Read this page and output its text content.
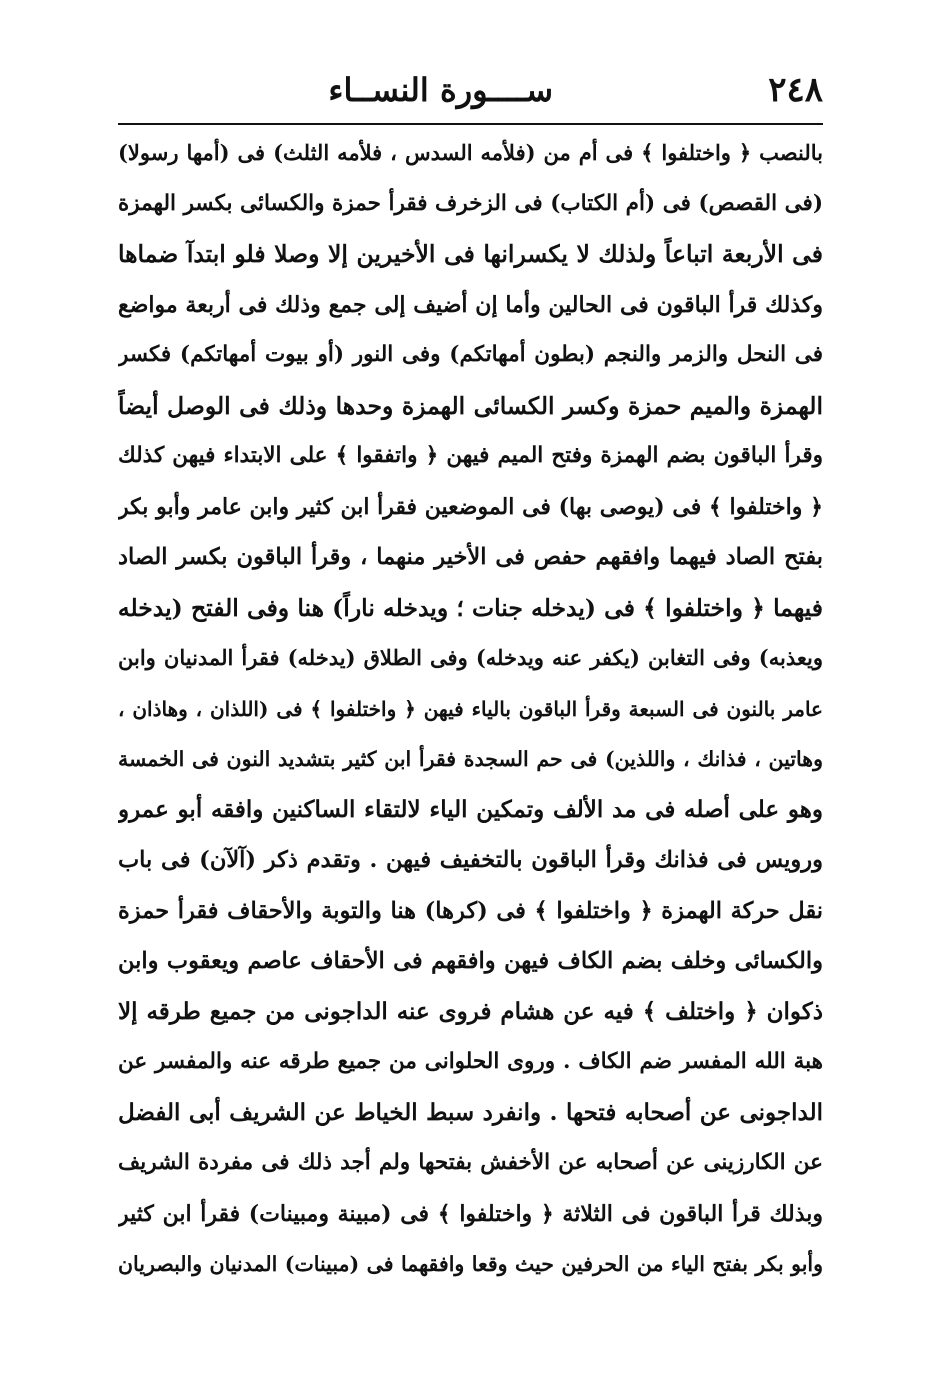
٢٤٨
ســــورة النســاء
بالنصب ﴿ واختلفوا ﴾ فى أم من (فلأمه السدس ، فلأمه الثلث) فى (أمها رسولا)
(فى القصص) فى (أم الكتاب) فى الزخرف فقرأ حمزة والكسائى بكسر الهمزة
فى الأربعة اتباعاً ولذلك لا يكسرانها فى الأخيرين إلا وصلا فلو ابتدآ ضماها
وكذلك قرأ الباقون فى الحالين وأما إن أضيف إلى جمع وذلك فى أربعة مواضع
فى النحل والزمر والنجم (بطون أمهاتكم) وفى النور (أو بيوت أمهاتكم) فكسر
الهمزة والميم حمزة وكسر الكسائى الهمزة وحدها وذلك فى الوصل أيضاً
وقرأ الباقون بضم الهمزة وفتح الميم فيهن ﴿ واتفقوا ﴾ على الابتداء فيهن كذلك
﴿ واختلفوا ﴾ فى (يوصى بها) فى الموضعين فقرأ ابن كثير وابن عامر وأبو بكر
بفتح الصاد فيهما وافقهم حفص فى الأخير منهما ، وقرأ الباقون بكسر الصاد
فيهما ﴿ واختلفوا ﴾ فى (يدخله جنات ؛ ويدخله ناراً) هنا وفى الفتح (يدخله
ويعذبه) وفى التغابن (يكفر عنه ويدخله) وفى الطلاق (يدخله) فقرأ المدنيان وابن
عامر بالنون فى السبعة وقرأ الباقون بالياء فيهن ﴿ واختلفوا ﴾ فى (اللذان ، وهاذان ،
وهاتين ، فذانك ، واللذين) فى حم السجدة فقرأ ابن كثير بتشديد النون فى الخمسة
وهو على أصله فى مد الألف وتمكين الياء لالتقاء الساكنين وافقه أبو عمرو
ورويس فى فذانك وقرأ الباقون بالتخفيف فيهن . وتقدم ذكر (آلآن) فى باب
نقل حركة الهمزة ﴿ واختلفوا ﴾ فى (كرها) هنا والتوبة والأحقاف فقرأ حمزة
والكسائى وخلف بضم الكاف فيهن وافقهم فى الأحقاف عاصم ويعقوب وابن
ذكوان ﴿ واختلف ﴾ فيه عن هشام فروى عنه الداجونى من جميع طرقه إلا
هبة الله المفسر ضم الكاف . وروى الحلوانى من جميع طرقه عنه والمفسر عن
الداجونى عن أصحابه فتحها . وانفرد سبط الخياط عن الشريف أبى الفضل
عن الكارزينى عن أصحابه عن الأخفش بفتحها ولم أجد ذلك فى مفردة الشريف
وبذلك قرأ الباقون فى الثلاثة ﴿ واختلفوا ﴾ فى (مبينة ومبينات) فقرأ ابن كثير
وأبو بكر بفتح الياء من الحرفين حيث وقعا وافقهما فى (مبينات) المدنيان والبصريان
